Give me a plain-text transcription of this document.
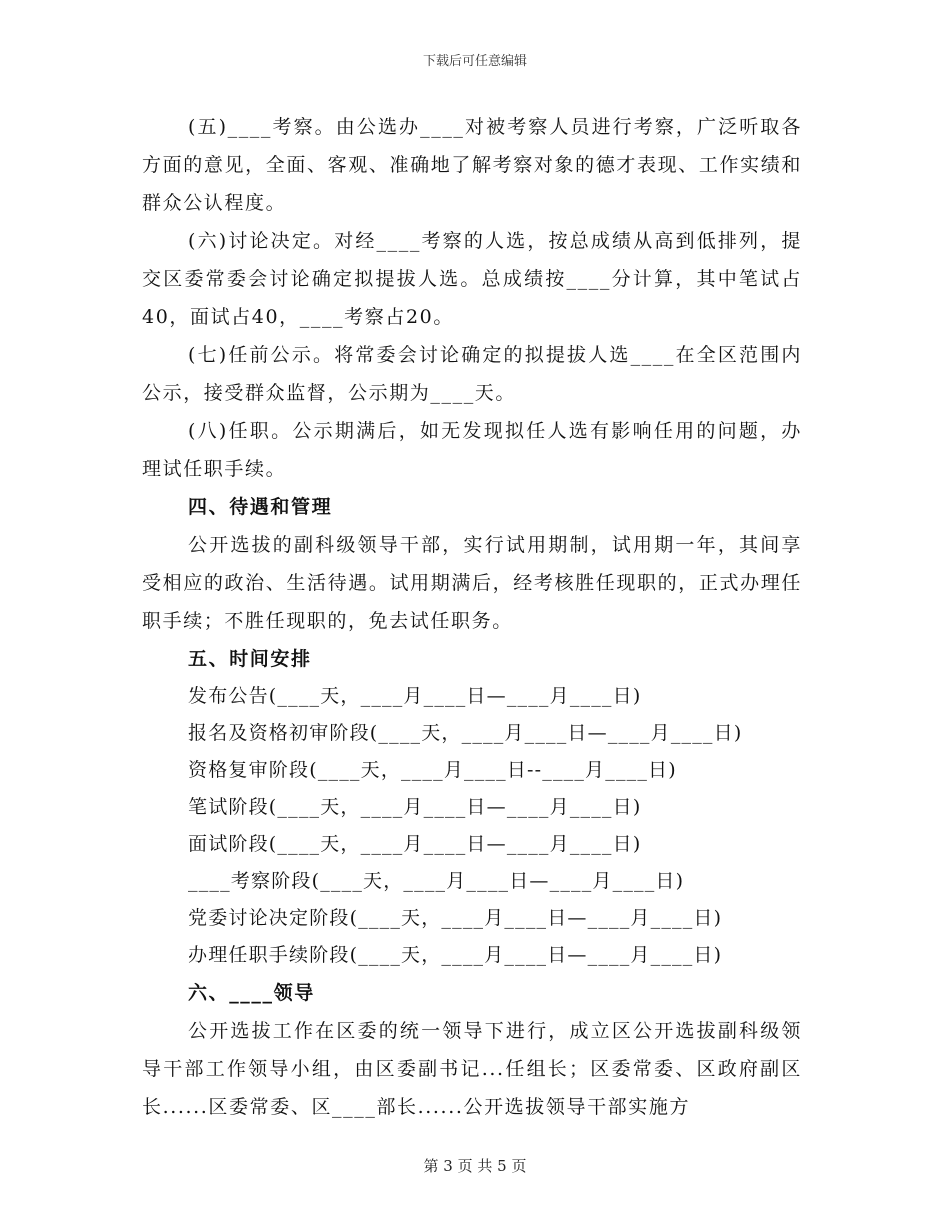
下载后可任意编辑

(五)____考察。由公选办____对被考察人员进行考察，广泛听取各方面的意见，全面、客观、准确地了解考察对象的德才表现、工作实绩和群众公认程度。

(六)讨论决定。对经____考察的人选，按总成绩从高到低排列，提交区委常委会讨论确定拟提拔人选。总成绩按____分计算，其中笔试占40，面试占40，____考察占20。

(七)任前公示。将常委会讨论确定的拟提拔人选____在全区范围内公示，接受群众监督，公示期为____天。

(八)任职。公示期满后，如无发现拟任人选有影响任用的问题，办理试任职手续。

四、待遇和管理

公开选拔的副科级领导干部，实行试用期制，试用期一年，其间享受相应的政治、生活待遇。试用期满后，经考核胜任现职的，正式办理任职手续；不胜任现职的，免去试任职务。

五、时间安排

发布公告(____天，____月____日—____月____日)

报名及资格初审阶段(____天，____月____日—____月____日)

资格复审阶段(____天，____月____日--____月____日)

笔试阶段(____天，____月____日—____月____日)

面试阶段(____天，____月____日—____月____日)

____考察阶段(____天，____月____日—____月____日)

党委讨论决定阶段(____天，____月____日—____月____日)

办理任职手续阶段(____天，____月____日—____月____日)

六、____领导

公开选拔工作在区委的统一领导下进行，成立区公开选拔副科级领导干部工作领导小组，由区委副书记...任组长；区委常委、区政府副区长......区委常委、区____部长......公开选拔领导干部实施方

第 3 页 共 5 页
